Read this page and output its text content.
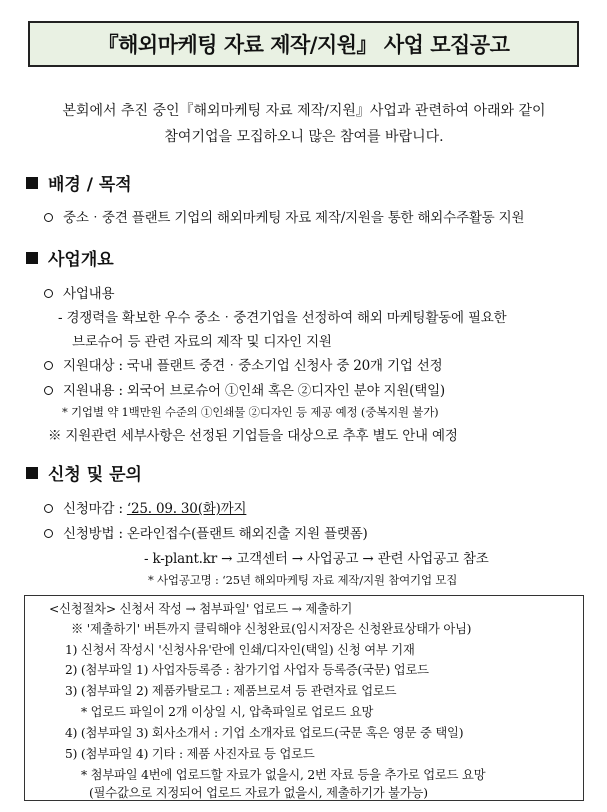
『해외마케팅 자료 제작/지원』 사업 모집공고
본회에서 추진 중인『해외마케팅 자료 제작/지원』사업과 관련하여 아래와 같이
참여기업을 모집하오니 많은 참여를 바랍니다.
배경 / 목적
중소‧중견 플랜트 기업의 해외마케팅 자료 제작/지원을 통한 해외수주활동 지원
사업개요
사업내용
- 경쟁력을 확보한 우수 중소‧중견기업을 선정하여 해외 마케팅활동에 필요한
브로슈어 등 관련 자료의 제작 및 디자인 지원
지원대상 : 국내 플랜트 중견‧중소기업 신청사 중 20개 기업 선정
지원내용 : 외국어 브로슈어 ①인쇄 혹은 ②디자인 분야 지원(택일)
* 기업별 약 1백만원 수준의 ①인쇄물 ②디자인 등 제공 예정 (중복지원 불가)
※ 지원관련 세부사항은 선정된 기업들을 대상으로 추후 별도 안내 예정
신청 및 문의
신청마감 : ‘25. 09. 30(화)까지
신청방법 : 온라인접수(플랜트 해외진출 지원 플랫폼)
- k-plant.kr → 고객센터 → 사업공고 → 관련 사업공고 참조
* 사업공고명 : ‘25년 해외마케팅 자료 제작/지원 참여기업 모집
<신청절차> 신청서 작성 → 첨부파일' 업로드 → 제출하기
※ '제출하기' 버튼까지 클릭해야 신청완료(임시저장은 신청완료상태가 아님)
1) 신청서 작성시 '신청사유'란에 인쇄/디자인(택일) 신청 여부 기재
2) (첨부파일 1) 사업자등록증 : 참가기업 사업자 등록증(국문) 업로드
3) (첨부파일 2) 제품카탈로그 : 제품브로셔 등 관련자료 업로드
* 업로드 파일이 2개 이상일 시, 압축파일로 업로드 요망
4) (첨부파일 3) 회사소개서 : 기업 소개자료 업로드(국문 혹은 영문 중 택일)
5) (첨부파일 4) 기타 : 제품 사진자료 등 업로드
* 첨부파일 4번에 업로드할 자료가 없을시, 2번 자료 등을 추가로 업로드 요망
(필수값으로 지정되어 업로드 자료가 없을시, 제출하기가 불가능)
